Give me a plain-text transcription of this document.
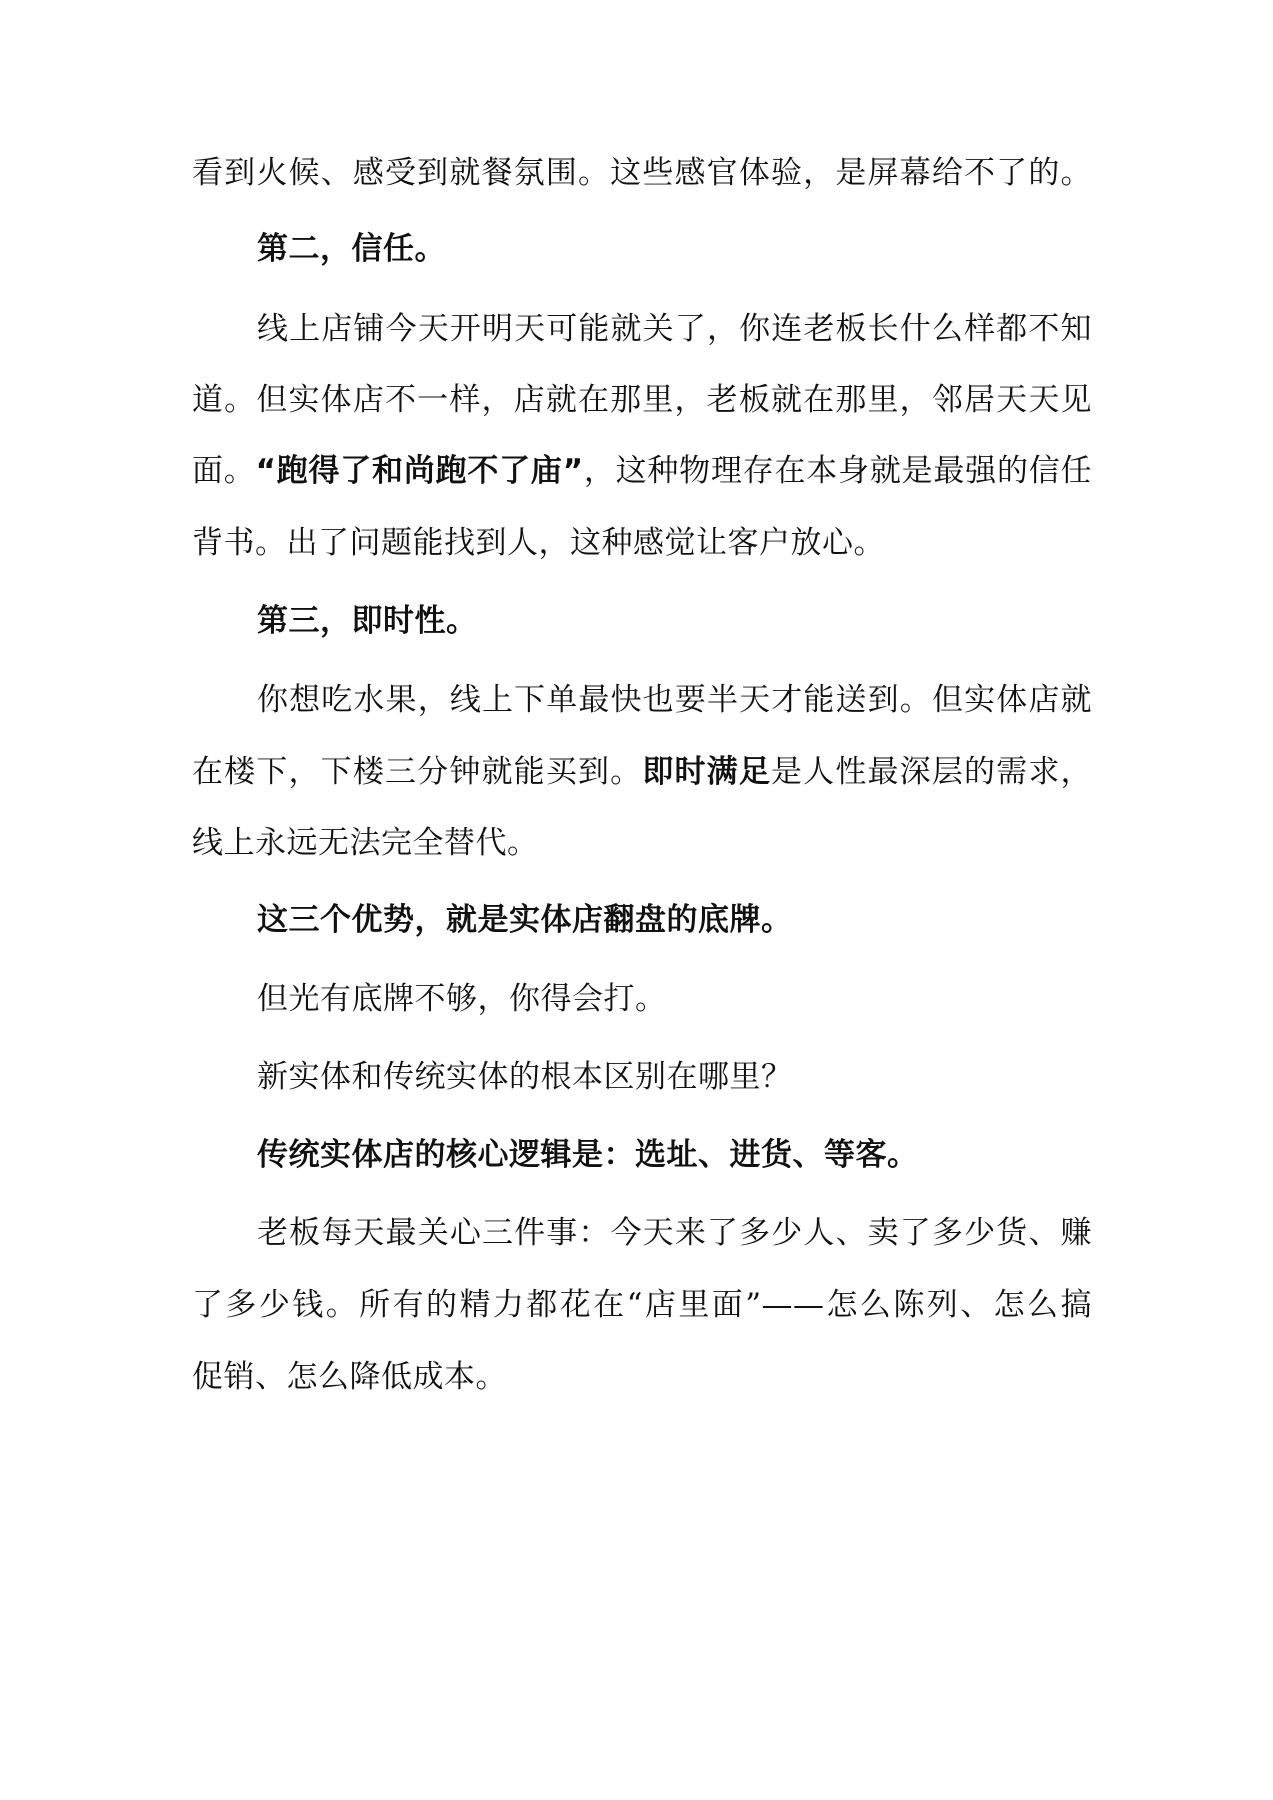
看到火候、感受到就餐氛围。这些感官体验，是屏幕给不了的。
第二，信任。
线上店铺今天开明天可能就关了，你连老板长什么样都不知
道。但实体店不一样，店就在那里，老板就在那里，邻居天天见
面。“跑得了和尚跑不了庙”，这种物理存在本身就是最强的信任
背书。出了问题能找到人，这种感觉让客户放心。
第三，即时性。
你想吃水果，线上下单最快也要半天才能送到。但实体店就
在楼下，下楼三分钟就能买到。即时满足是人性最深层的需求，
线上永远无法完全替代。
这三个优势，就是实体店翻盘的底牌。
但光有底牌不够，你得会打。
新实体和传统实体的根本区别在哪里？
传统实体店的核心逻辑是：选址、进货、等客。
老板每天最关心三件事：今天来了多少人、卖了多少货、赚
了多少钱。所有的精力都花在“店里面”——怎么陈列、怎么搞
促销、怎么降低成本。
